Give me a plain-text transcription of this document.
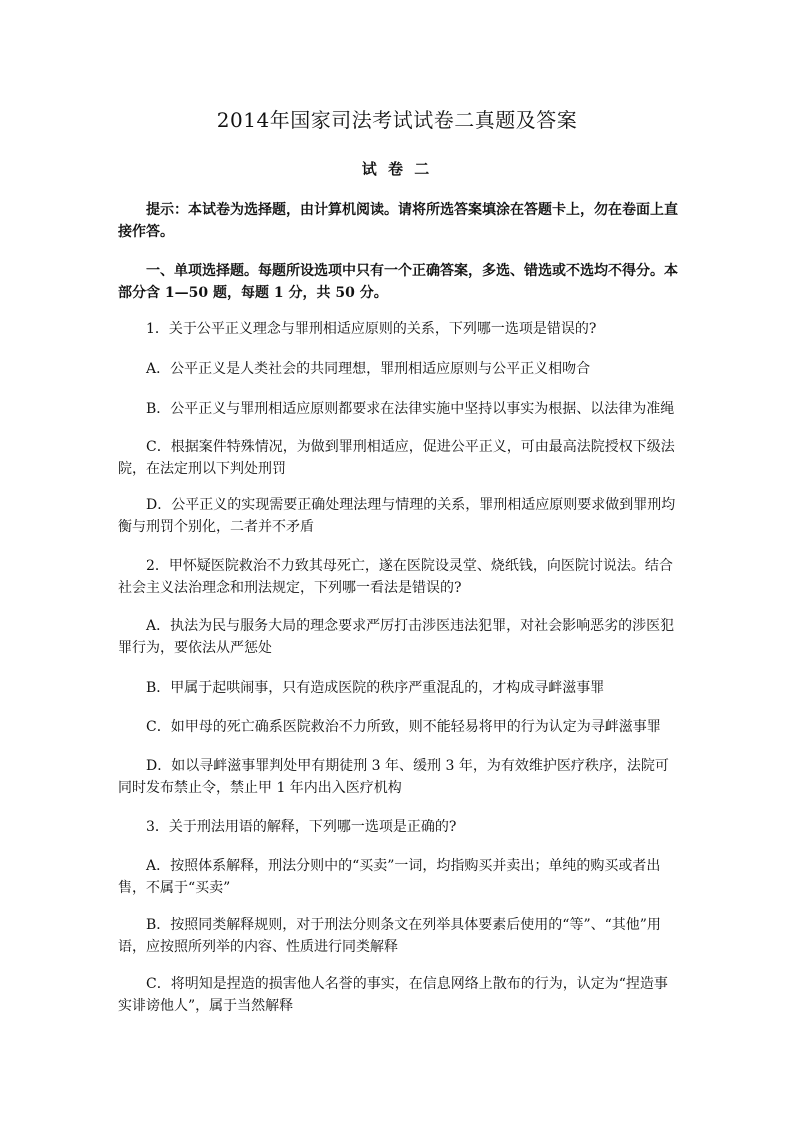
2014年国家司法考试试卷二真题及答案
试 卷 二

提示：本试卷为选择题，由计算机阅读。请将所选答案填涂在答题卡上，勿在卷面上直接作答。

一、单项选择题。每题所设选项中只有一个正确答案，多选、错选或不选均不得分。本部分含 1—50 题，每题 1 分，共 50 分。

1．关于公平正义理念与罪刑相适应原则的关系，下列哪一选项是错误的?

A．公平正义是人类社会的共同理想，罪刑相适应原则与公平正义相吻合

B．公平正义与罪刑相适应原则都要求在法律实施中坚持以事实为根据、以法律为准绳

C．根据案件特殊情况，为做到罪刑相适应，促进公平正义，可由最高法院授权下级法院，在法定刑以下判处刑罚

D．公平正义的实现需要正确处理法理与情理的关系，罪刑相适应原则要求做到罪刑均衡与刑罚个别化，二者并不矛盾

2．甲怀疑医院救治不力致其母死亡，遂在医院设灵堂、烧纸钱，向医院讨说法。结合社会主义法治理念和刑法规定，下列哪一看法是错误的?

A．执法为民与服务大局的理念要求严厉打击涉医违法犯罪，对社会影响恶劣的涉医犯罪行为，要依法从严惩处

B．甲属于起哄闹事，只有造成医院的秩序严重混乱的，才构成寻衅滋事罪

C．如甲母的死亡确系医院救治不力所致，则不能轻易将甲的行为认定为寻衅滋事罪

D．如以寻衅滋事罪判处甲有期徒刑 3 年、缓刑 3 年，为有效维护医疗秩序，法院可同时发布禁止令，禁止甲 1 年内出入医疗机构

3．关于刑法用语的解释，下列哪一选项是正确的?

A．按照体系解释，刑法分则中的“买卖”一词，均指购买并卖出；单纯的购买或者出售，不属于“买卖”

B．按照同类解释规则，对于刑法分则条文在列举具体要素后使用的“等”、“其他”用语，应按照所列举的内容、性质进行同类解释

C．将明知是捏造的损害他人名誉的事实，在信息网络上散布的行为，认定为“捏造事实诽谤他人”，属于当然解释
